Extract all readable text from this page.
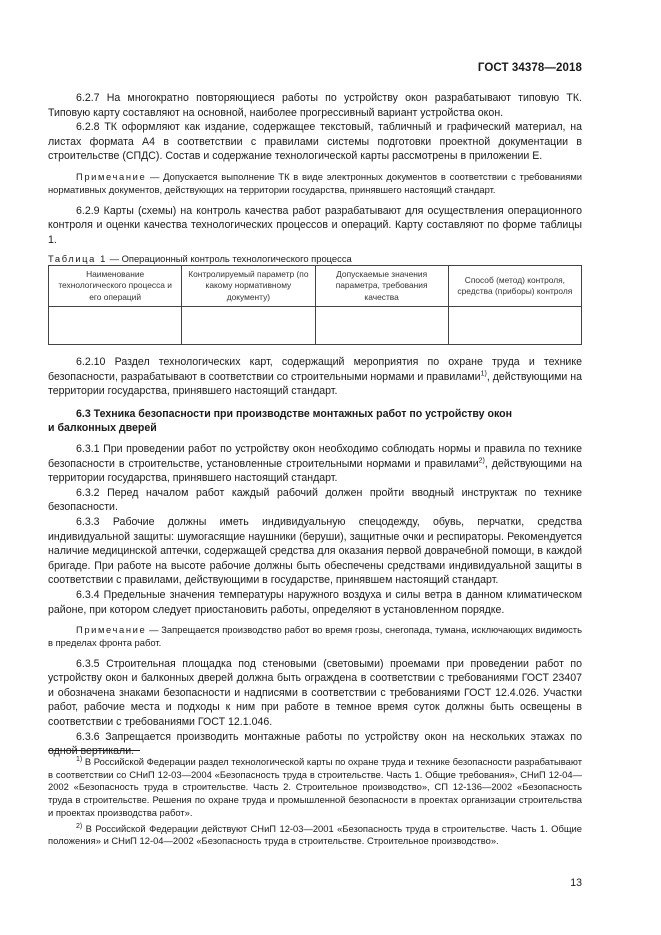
ГОСТ 34378—2018

6.2.7 На многократно повторяющиеся работы по устройству окон разрабатывают типовую ТК. Типовую карту составляют на основной, наиболее прогрессивный вариант устройства окон.

6.2.8 ТК оформляют как издание, содержащее текстовый, табличный и графический материал, на листах формата А4 в соответствии с правилами системы подготовки проектной документации в строительстве (СПДС). Состав и содержание технологической карты рассмотрены в приложении Е.

Примечание — Допускается выполнение ТК в виде электронных документов в соответствии с требованиями нормативных документов, действующих на территории государства, принявшего настоящий стандарт.

6.2.9 Карты (схемы) на контроль качества работ разрабатывают для осуществления операционного контроля и оценки качества технологических процессов и операций. Карту составляют по форме таблицы 1.

Таблица 1 — Операционный контроль технологического процесса
Наименование технологического процесса и его операций	Контролируемый параметр (по какому нормативному документу)	Допускаемые значения параметра, требования качества	Способ (метод) контроля, средства (приборы) контроля

6.2.10 Раздел технологических карт, содержащий мероприятия по охране труда и технике безопасности, разрабатывают в соответствии со строительными нормами и правилами$^{1)}$, действующими на территории государства, принявшего настоящий стандарт.

6.3 Техника безопасности при производстве монтажных работ по устройству окон
и балконных дверей

6.3.1 При проведении работ по устройству окон необходимо соблюдать нормы и правила по технике безопасности в строительстве, установленные строительными нормами и правилами$^{2)}$, действующими на территории государства, принявшего настоящий стандарт.

6.3.2 Перед началом работ каждый рабочий должен пройти вводный инструктаж по технике безопасности.

6.3.3 Рабочие должны иметь индивидуальную спецодежду, обувь, перчатки, средства индивидуальной защиты: шумогасящие наушники (беруши), защитные очки и респираторы. Рекомендуется наличие медицинской аптечки, содержащей средства для оказания первой доврачебной помощи, в каждой бригаде. При работе на высоте рабочие должны быть обеспечены средствами индивидуальной защиты в соответствии с правилами, действующими в государстве, принявшем настоящий стандарт.

6.3.4 Предельные значения температуры наружного воздуха и силы ветра в данном климатическом районе, при котором следует приостановить работы, определяют в установленном порядке.

Примечание — Запрещается производство работ во время грозы, снегопада, тумана, исключающих видимость в пределах фронта работ.

6.3.5 Строительная площадка под стеновыми (световыми) проемами при проведении работ по устройству окон и балконных дверей должна быть ограждена в соответствии с требованиями ГОСТ 23407 и обозначена знаками безопасности и надписями в соответствии с требованиями ГОСТ 12.4.026. Участки работ, рабочие места и подходы к ним при работе в темное время суток должны быть освещены в соответствии с требованиями ГОСТ 12.1.046.

6.3.6 Запрещается производить монтажные работы по устройству окон на нескольких этажах по одной вертикали.

$^{1)}$ В Российской Федерации раздел технологической карты по охране труда и технике безопасности разрабатывают в соответствии со СНиП 12-03—2004 «Безопасность труда в строительстве. Часть 1. Общие требования», СНиП 12-04—2002 «Безопасность труда в строительстве. Часть 2. Строительное производство», СП 12-136—2002 «Безопасность труда в строительстве. Решения по охране труда и промышленной безопасности в проектах организации строительства и проектах производства работ».

$^{2)}$ В Российской Федерации действуют СНиП 12-03—2001 «Безопасность труда в строительстве. Часть 1. Общие положения» и СНиП 12-04—2002 «Безопасность труда в строительстве. Строительное производство».

13
